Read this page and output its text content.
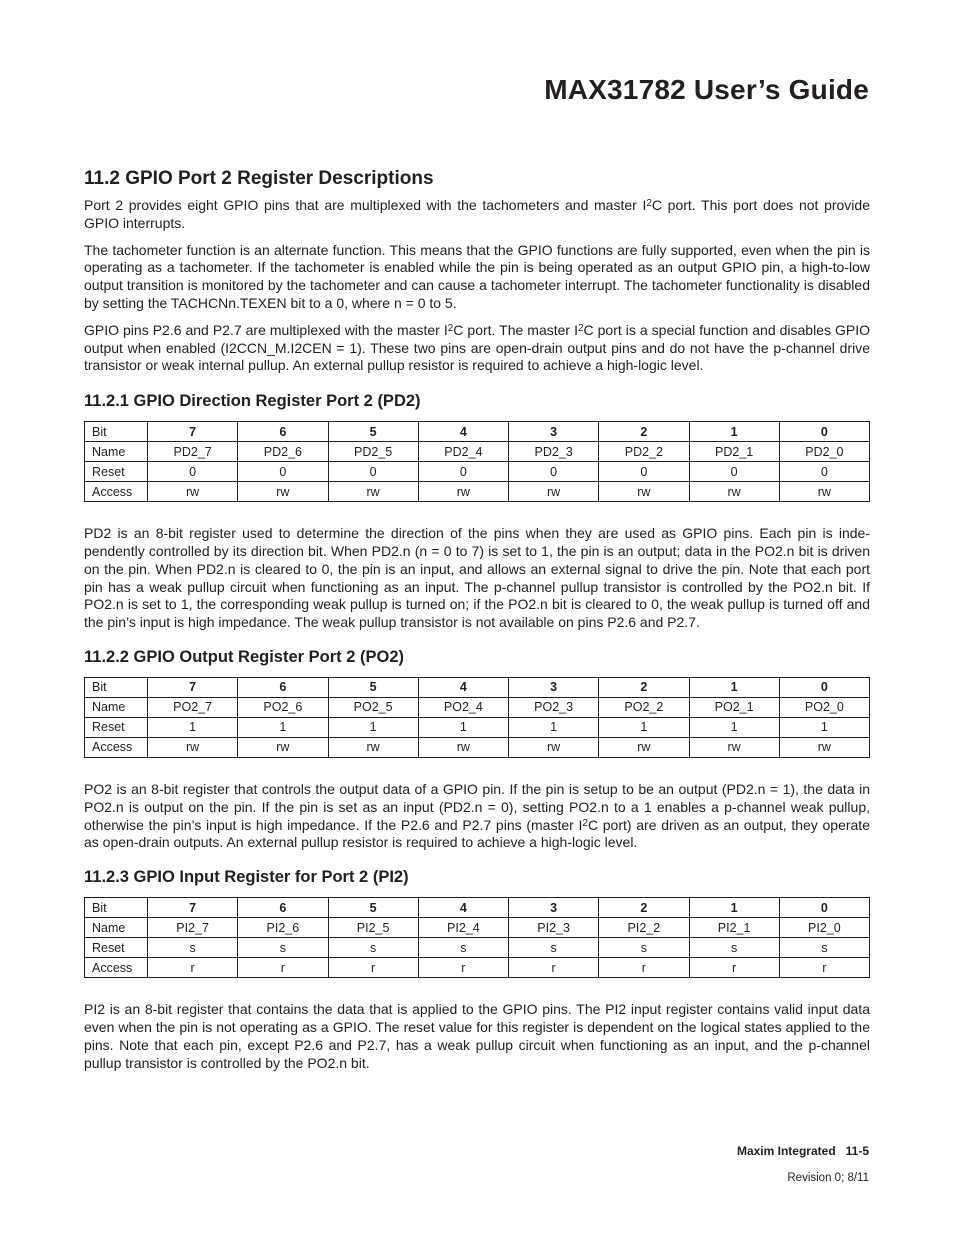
MAX31782 User’s Guide
11.2 GPIO Port 2 Register Descriptions

Port 2 provides eight GPIO pins that are multiplexed with the tachometers and master $I^2C$ port. This port does not provide GPIO interrupts.

The tachometer function is an alternate function. This means that the GPIO functions are fully supported, even when the pin is operating as a tachometer. If the tachometer is enabled while the pin is being operated as an output GPIO pin, a high-to-low output transition is monitored by the tachometer and can cause a tachometer interrupt. The tachometer functionality is disabled by setting the TACHCNn.TEXEN bit to a 0, where n = 0 to 5.

GPIO pins P2.6 and P2.7 are multiplexed with the master $I^2C$ port. The master $I^2C$ port is a special function and disables GPIO output when enabled (I2CCN_M.I2CEN = 1). These two pins are open-drain output pins and do not have the p-channel drive transistor or weak internal pullup. An external pullup resistor is required to achieve a high-logic level.

11.2.1 GPIO Direction Register Port 2 (PD2)
Bit	7	6	5	4	3	2	1	0
Name	PD2_7	PD2_6	PD2_5	PD2_4	PD2_3	PD2_2	PD2_1	PD2_0
Reset	0	0	0	0	0	0	0	0
Access	rw	rw	rw	rw	rw	rw	rw	rw

PD2 is an 8-bit register used to determine the direction of the pins when they are used as GPIO pins. Each pin is inde-pendently controlled by its direction bit. When PD2.n (n = 0 to 7) is set to 1, the pin is an output; data in the PO2.n bit is driven on the pin. When PD2.n is cleared to 0, the pin is an input, and allows an external signal to drive the pin. Note that each port pin has a weak pullup circuit when functioning as an input. The p-channel pullup transistor is controlled by the PO2.n bit. If PO2.n is set to 1, the corresponding weak pullup is turned on; if the PO2.n bit is cleared to 0, the weak pullup is turned off and the pin’s input is high impedance. The weak pullup transistor is not available on pins P2.6 and P2.7.

11.2.2 GPIO Output Register Port 2 (PO2)
Bit	7	6	5	4	3	2	1	0
Name	PO2_7	PO2_6	PO2_5	PO2_4	PO2_3	PO2_2	PO2_1	PO2_0
Reset	1	1	1	1	1	1	1	1
Access	rw	rw	rw	rw	rw	rw	rw	rw

PO2 is an 8-bit register that controls the output data of a GPIO pin. If the pin is setup to be an output (PD2.n = 1), the data in PO2.n is output on the pin. If the pin is set as an input (PD2.n = 0), setting PO2.n to a 1 enables a p-channel weak pullup, otherwise the pin’s input is high impedance. If the P2.6 and P2.7 pins (master $I^2C$ port) are driven as an output, they operate as open-drain outputs. An external pullup resistor is required to achieve a high-logic level.

11.2.3 GPIO Input Register for Port 2 (PI2)
Bit	7	6	5	4	3	2	1	0
Name	PI2_7	PI2_6	PI2_5	PI2_4	PI2_3	PI2_2	PI2_1	PI2_0
Reset	s	s	s	s	s	s	s	s
Access	r	r	r	r	r	r	r	r

PI2 is an 8-bit register that contains the data that is applied to the GPIO pins. The PI2 input register contains valid input data even when the pin is not operating as a GPIO. The reset value for this register is dependent on the logical states applied to the pins. Note that each pin, except P2.6 and P2.7, has a weak pullup circuit when functioning as an input, and the p-channel pullup transistor is controlled by the PO2.n bit.

Maxim Integrated   11-5
Revision 0; 8/11
